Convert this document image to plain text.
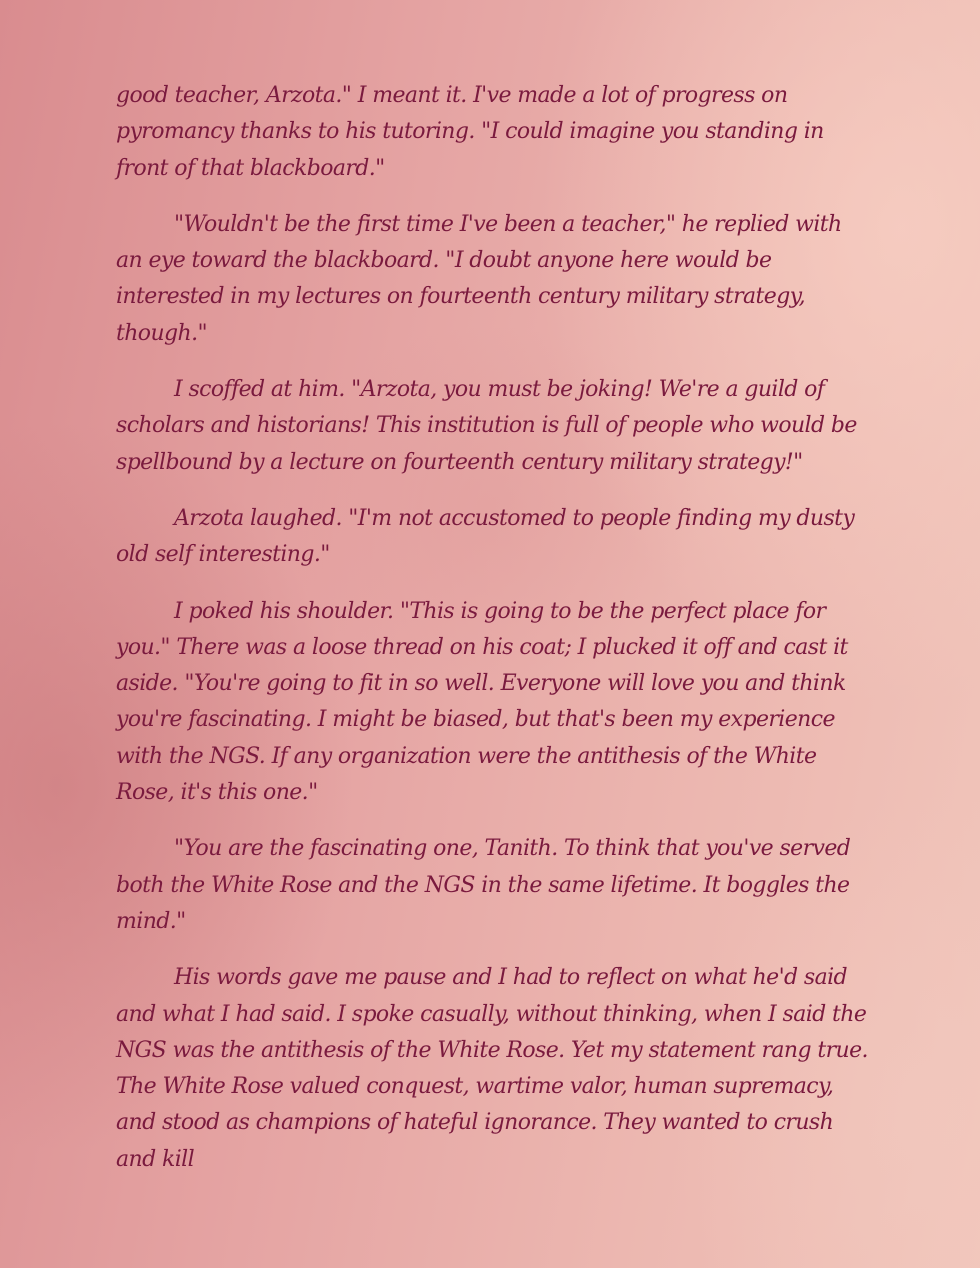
good teacher, Arzota." I meant it. I've made a lot of progress on pyromancy thanks to his tutoring. "I could imagine you standing in front of that blackboard."

"Wouldn't be the first time I've been a teacher," he replied with an eye toward the blackboard. "I doubt anyone here would be interested in my lectures on fourteenth century military strategy, though."

I scoffed at him. "Arzota, you must be joking! We're a guild of scholars and historians! This institution is full of people who would be spellbound by a lecture on fourteenth century military strategy!"

Arzota laughed. "I'm not accustomed to people finding my dusty old self interesting."

I poked his shoulder. "This is going to be the perfect place for you." There was a loose thread on his coat; I plucked it off and cast it aside. "You're going to fit in so well. Everyone will love you and think you're fascinating. I might be biased, but that's been my experience with the NGS. If any organization were the antithesis of the White Rose, it's this one."

"You are the fascinating one, Tanith. To think that you've served both the White Rose and the NGS in the same lifetime. It boggles the mind."

His words gave me pause and I had to reflect on what he'd said and what I had said. I spoke casually, without thinking, when I said the NGS was the antithesis of the White Rose. Yet my statement rang true. The White Rose valued conquest, wartime valor, human supremacy, and stood as champions of hateful ignorance. They wanted to crush and kill
